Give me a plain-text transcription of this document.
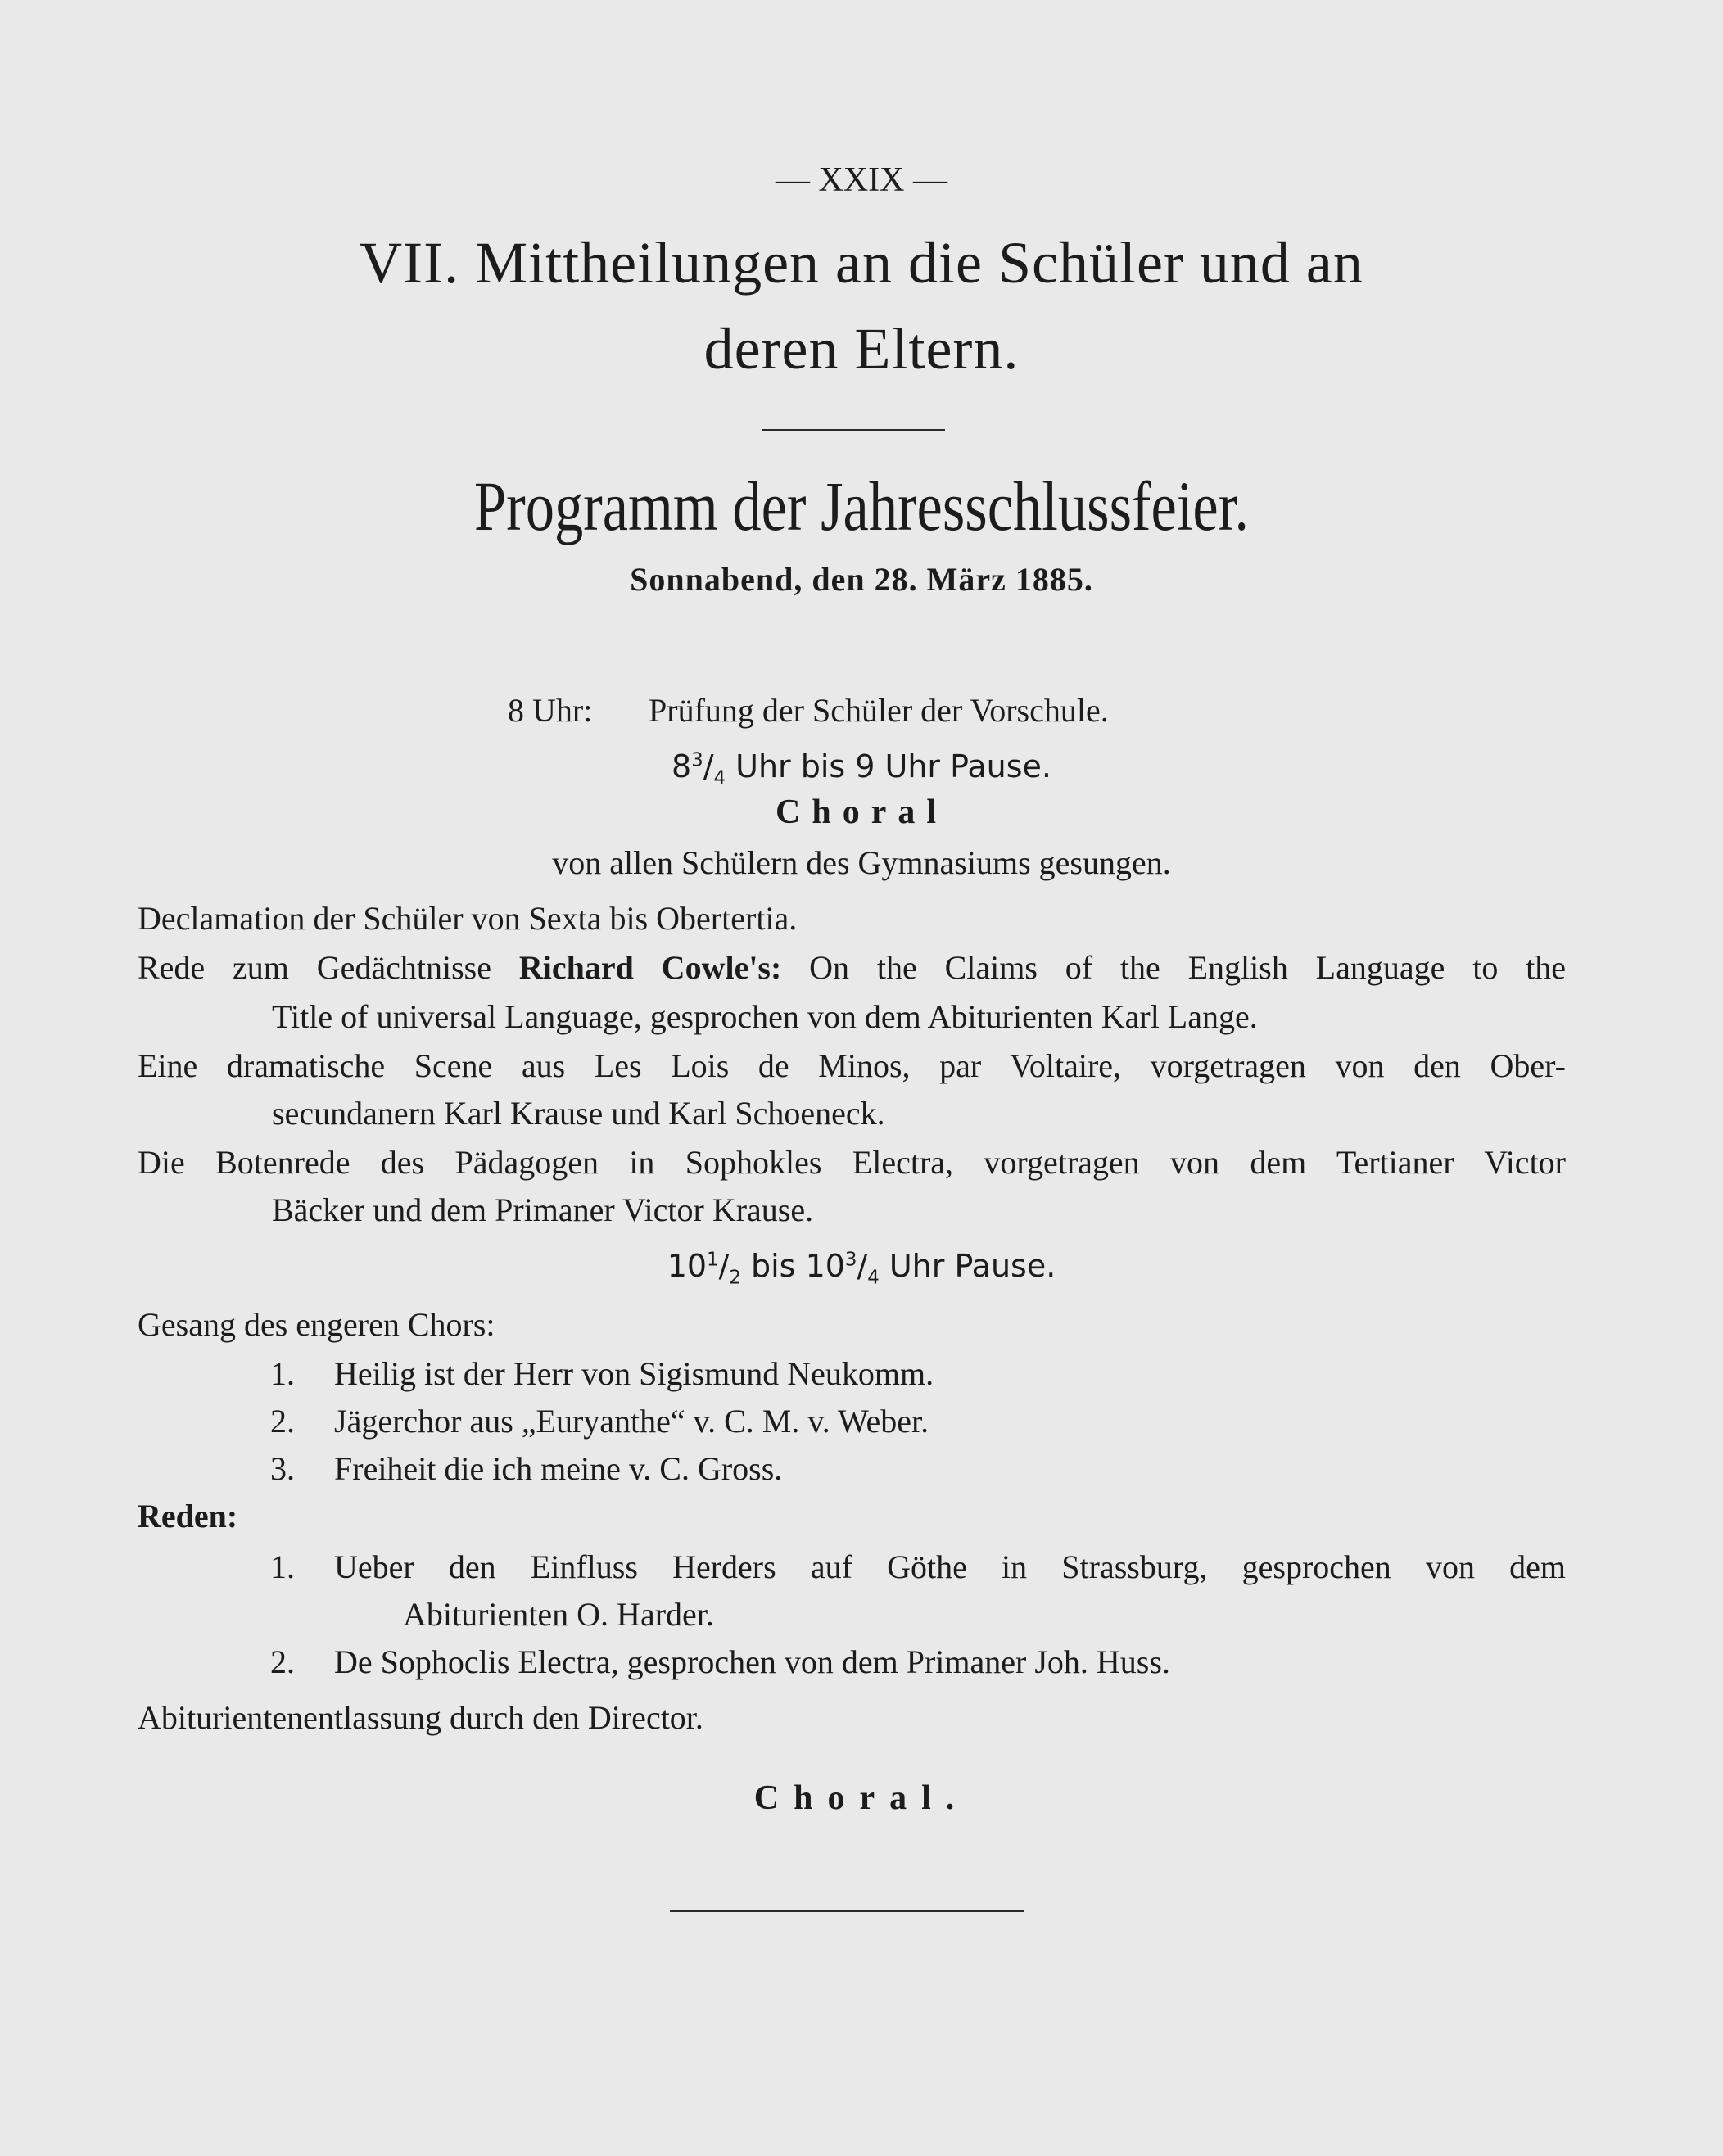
— XXIX —
VII. Mittheilungen an die Schüler und an
deren Eltern.
Programm der Jahresschlussfeier.
Sonnabend, den 28. März 1885.
8 Uhr: Prüfung der Schüler der Vorschule.
$8^3/_4$ Uhr bis 9 Uhr Pause.
Choral
von allen Schülern des Gymnasiums gesungen.
Declamation der Schüler von Sexta bis Obertertia.
Rede zum Gedächtnisse Richard Cowle's: On the Claims of the English Language to the
Title of universal Language, gesprochen von dem Abiturienten Karl Lange.
Eine dramatische Scene aus Les Lois de Minos, par Voltaire, vorgetragen von den Ober-
secundanern Karl Krause und Karl Schoeneck.
Die Botenrede des Pädagogen in Sophokles Electra, vorgetragen von dem Tertianer Victor
Bäcker und dem Primaner Victor Krause.
$10^1/_2$ bis $10^3/_4$ Uhr Pause.
Gesang des engeren Chors:
1. Heilig ist der Herr von Sigismund Neukomm.
2. Jägerchor aus „Euryanthe“ v. C. M. v. Weber.
3. Freiheit die ich meine v. C. Gross.
Reden:
1. Ueber den Einfluss Herders auf Göthe in Strassburg, gesprochen von dem
Abiturienten O. Harder.
2. De Sophoclis Electra, gesprochen von dem Primaner Joh. Huss.
Abiturientenentlassung durch den Director.
Choral.
